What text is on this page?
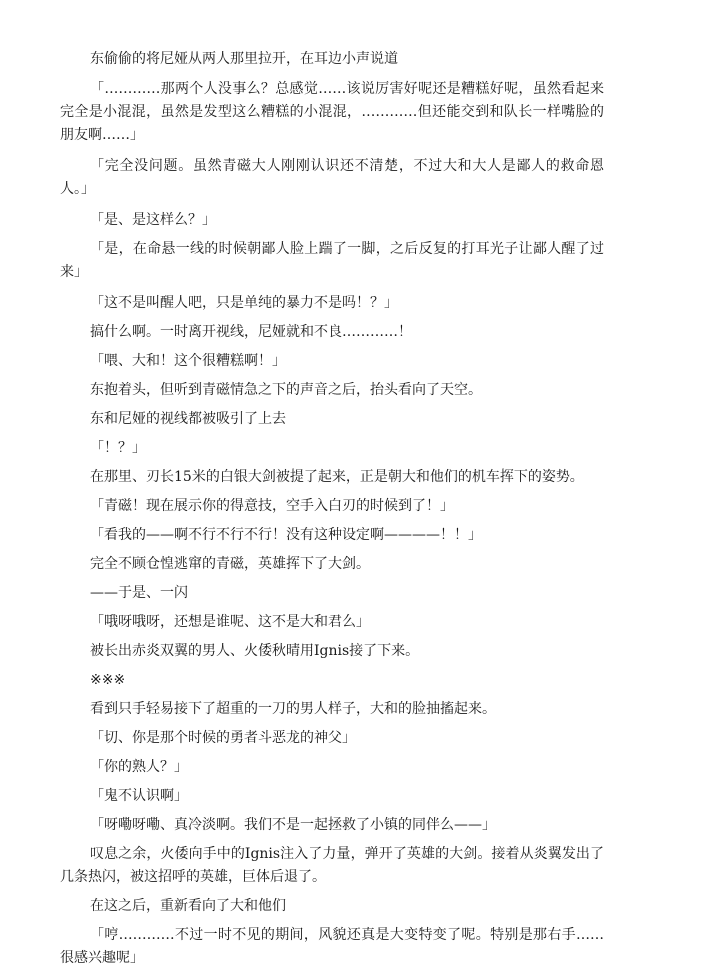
东偷偷的将尼娅从两人那里拉开，在耳边小声说道

「…………那两个人没事么？总感觉……该说厉害好呢还是糟糕好呢，虽然看起来完全是小混混，虽然是发型这么糟糕的小混混，…………但还能交到和队长一样嘴脸的朋友啊……」

「完全没问题。虽然青磁大人刚刚认识还不清楚，不过大和大人是鄙人的救命恩人。」

「是、是这样么？」

「是，在命悬一线的时候朝鄙人脸上踹了一脚，之后反复的打耳光子让鄙人醒了过来」

「这不是叫醒人吧，只是单纯的暴力不是吗！？」

搞什么啊。一时离开视线，尼娅就和不良…………！

「喂、大和！这个很糟糕啊！」

东抱着头，但听到青磁情急之下的声音之后，抬头看向了天空。

东和尼娅的视线都被吸引了上去

「！？」

在那里、刃长15米的白银大剑被提了起来，正是朝大和他们的机车挥下的姿势。

「青磁！现在展示你的得意技，空手入白刃的时候到了！」

「看我的——啊不行不行不行！没有这种设定啊————！！」

完全不顾仓惶逃窜的青磁，英雄挥下了大剑。

——于是、一闪

「哦呀哦呀，还想是谁呢、这不是大和君么」

被长出赤炎双翼的男人、火倭秋晴用Ignis接了下来。

※※※

看到只手轻易接下了超重的一刀的男人样子，大和的脸抽搐起来。

「切、你是那个时候的勇者斗恶龙的神父」

「你的熟人？」

「鬼不认识啊」

「呀嘞呀嘞、真冷淡啊。我们不是一起拯救了小镇的同伴么——」

叹息之余，火倭向手中的Ignis注入了力量，弹开了英雄的大剑。接着从炎翼发出了几条热闪，被这招呼的英雄，巨体后退了。

在这之后，重新看向了大和他们

「哼…………不过一时不见的期间，风貌还真是大变特变了呢。特别是那右手……很感兴趣呢」
